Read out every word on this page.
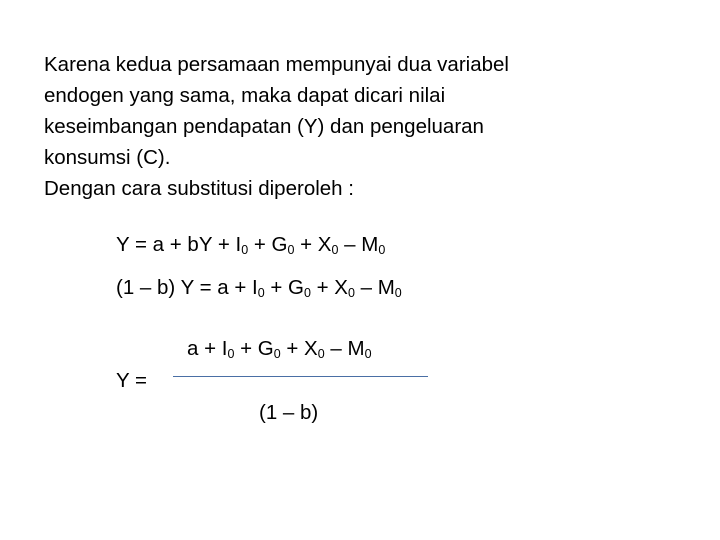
Karena kedua persamaan mempunyai dua variabel
endogen yang sama, maka dapat dicari nilai
keseimbangan pendapatan (Y) dan pengeluaran
konsumsi (C).
Dengan cara substitusi diperoleh :
Y = a + bY + $I_0 + G_0 + X_0 - M_0$
(1 – b) $Y = a + I_0 + G_0 + X_0 - M_0$
$a + I_0 + G_0 + X_0 - M_0$
Y =
(1 – b)
